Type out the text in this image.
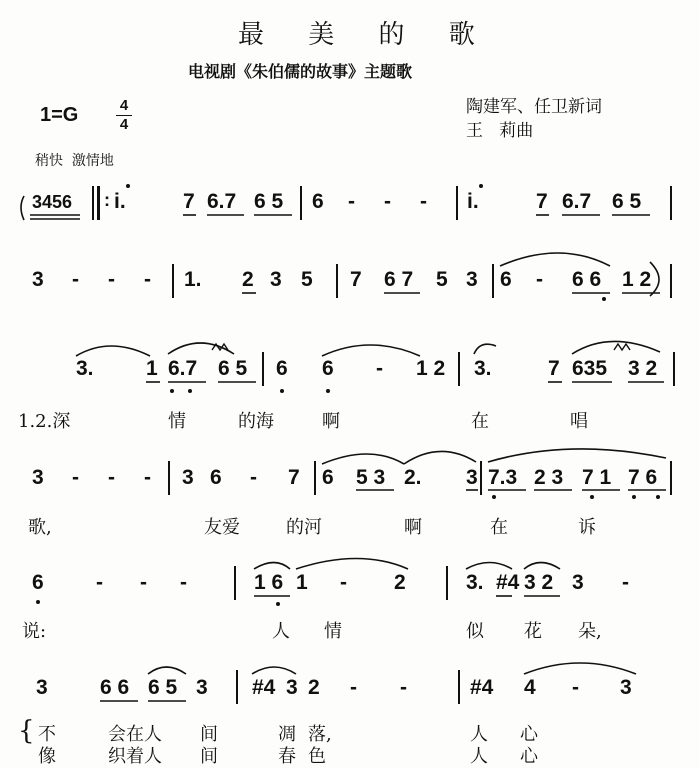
最 美 的 歌
电视剧《朱伯儒的故事》主题歌
1=G	4
4
陶建军、任卫新词
王   莉曲
稍快  激情地
3456 : i.	7 6.7 6 5 6 - - - i.	7 6.7 6 5
3 - - - 1. 2 3 5 7 6 7 5 3 6 - 6 6 1 2
3. 1 6.7 6 5 6 6 - 1 2 3.	7 635 3 2
1.2.深	情	的海	啊	在	唱
3 - - - 3 6 - 7 6 5 3 2. 3 7.3 2 3 7 1 7 6
歌,	友爱	的河	啊	在	诉
6 - - -	1 6 1 - 2	3. #4 3 2 3 -
说:	人 情	似 花 朵,
3 6 6 6 5 3 #4 3 2 - -	#4 4 - 3
{ 不	会在人 间	凋 落,	人 心
像	织着人 间	春 色	人 心
